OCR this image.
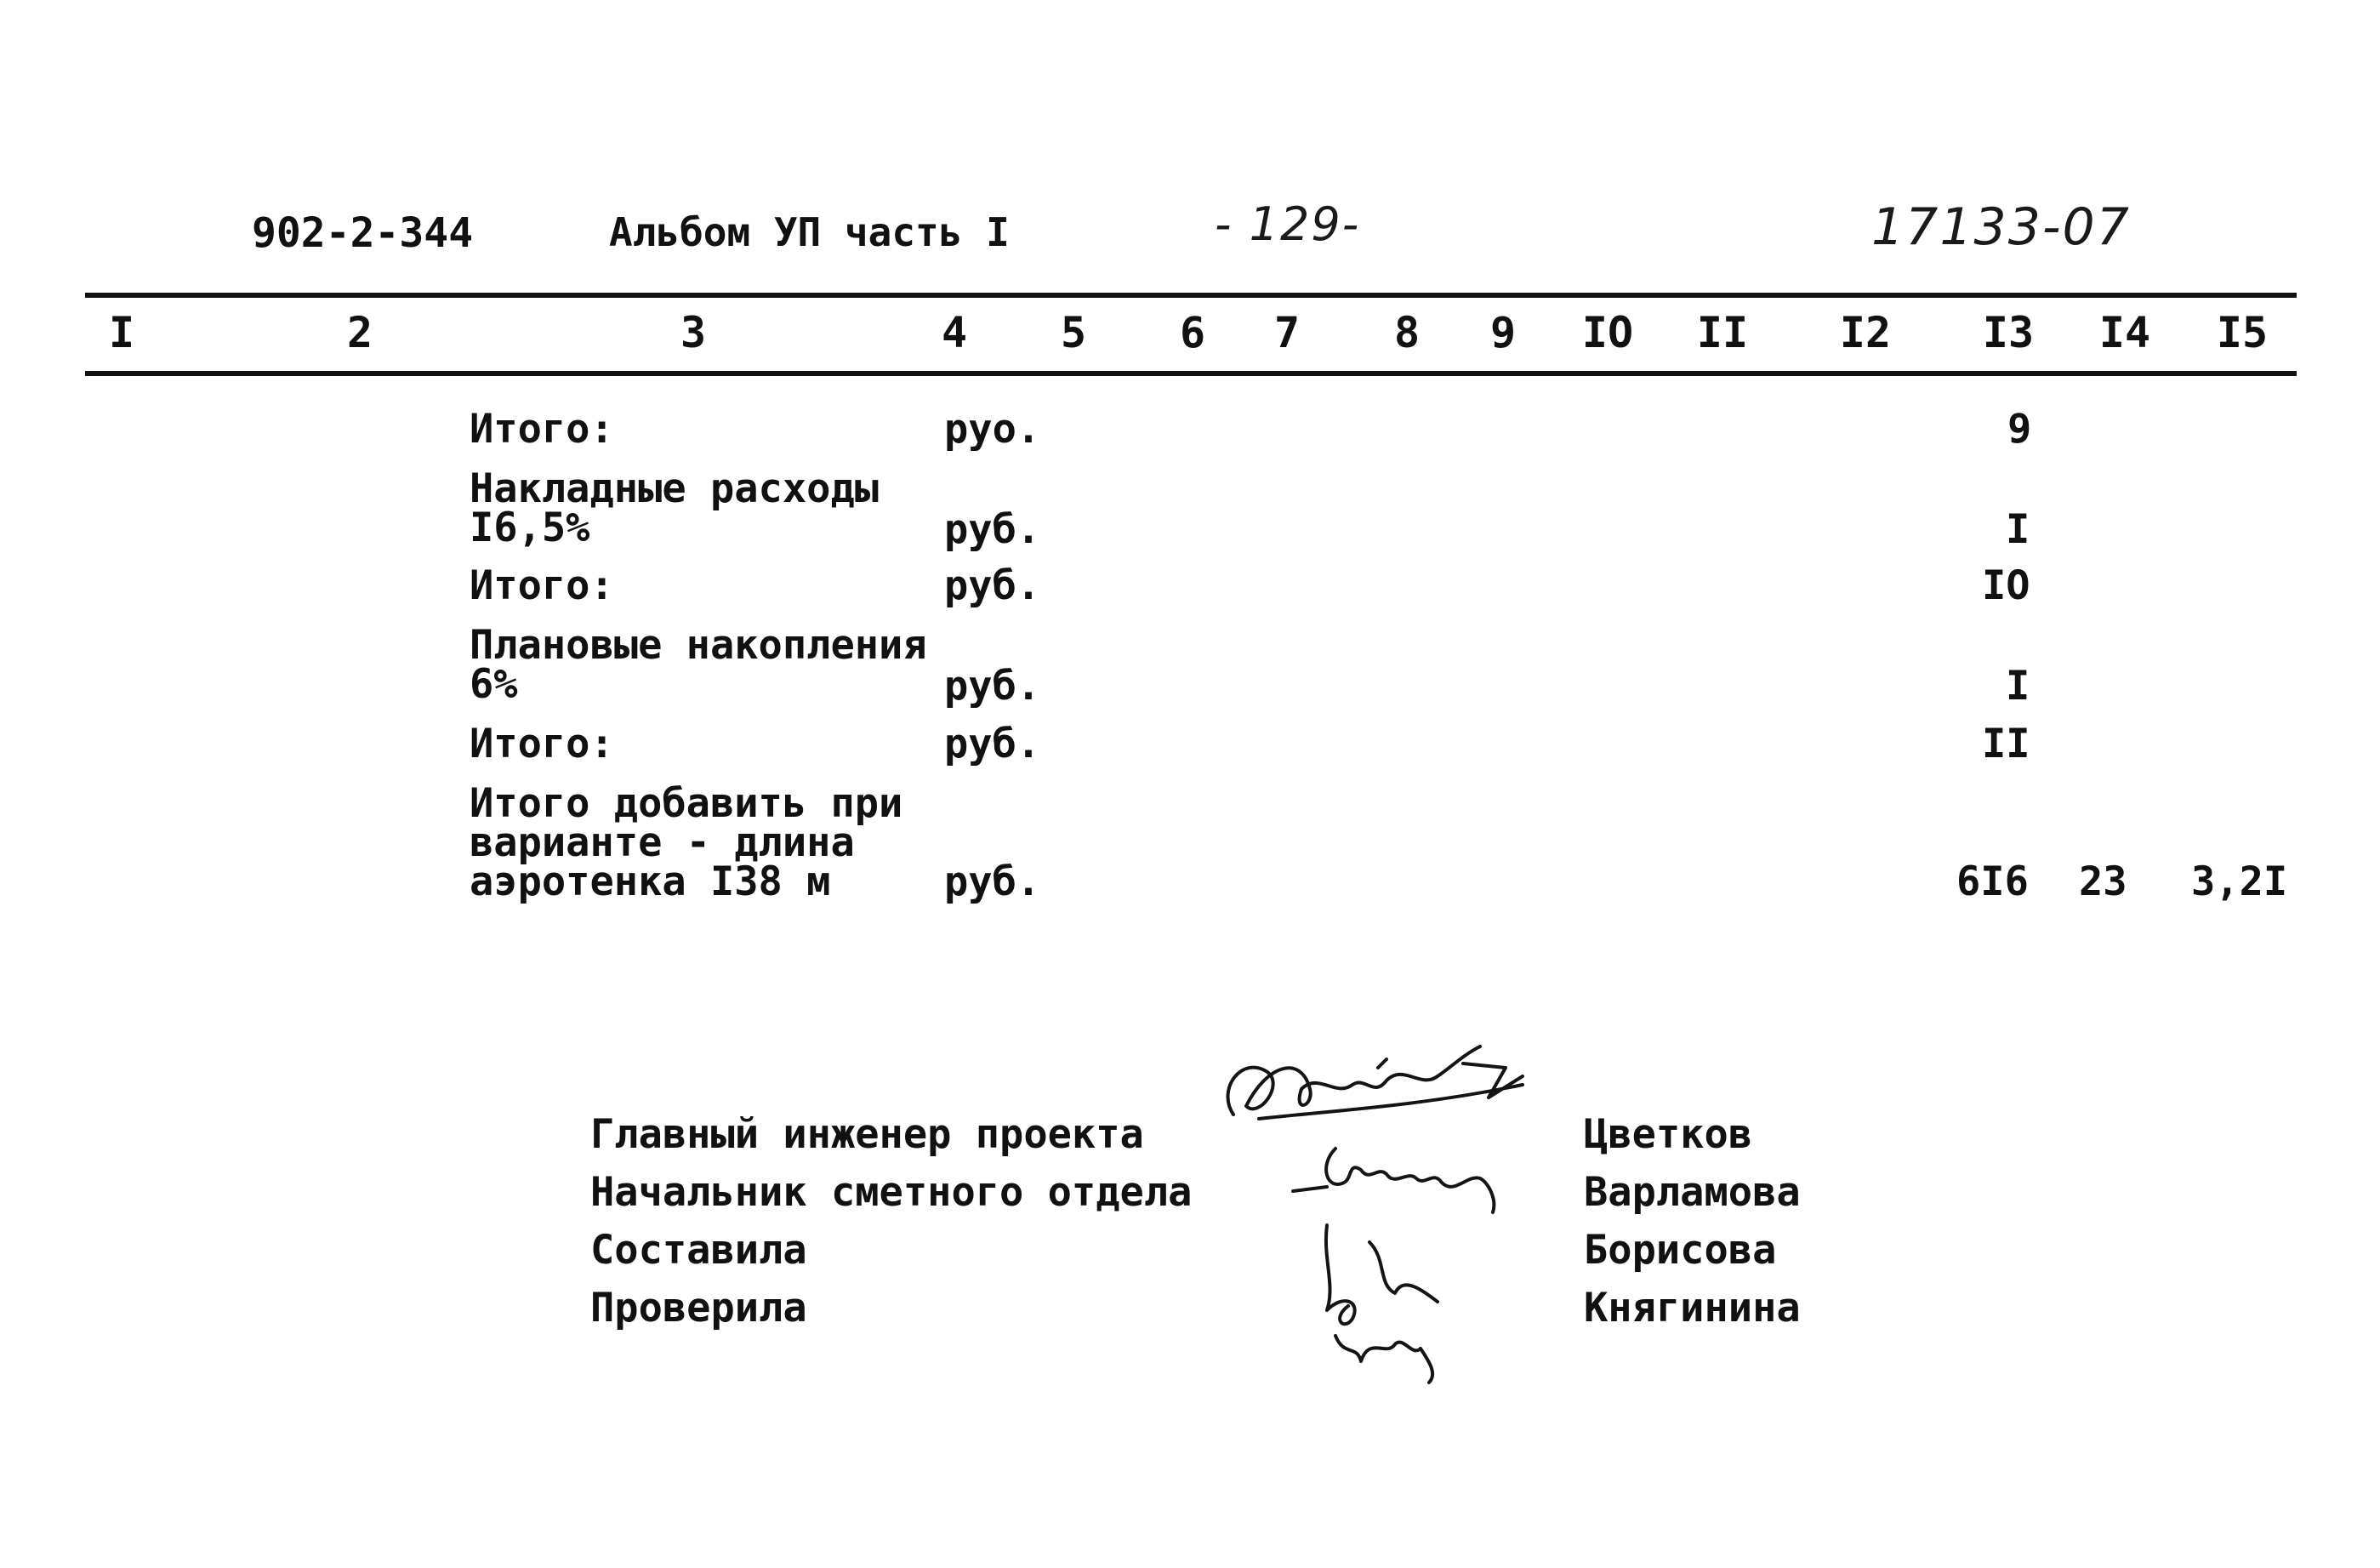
902-2-344	Альбом УП часть I	- 129-	17133-07
I	2	3	4 5 6 7 8 9 IO II I2 I3 I4 I5
Итого:	руо.	9
Накладные расходы
I6,5%	руб.	I
Итого:	руб.	IO
Плановые накопления
6%	руб.	I
Итого:	руб.	II
Итого добавить при
варианте - длина
аэротенка I38 м	руб.	6I6 23 3,2I
Главный инженер проекта	Цветков
Начальник сметного отдела	Варламова
Составила	Борисова
Проверила	Княгинина
